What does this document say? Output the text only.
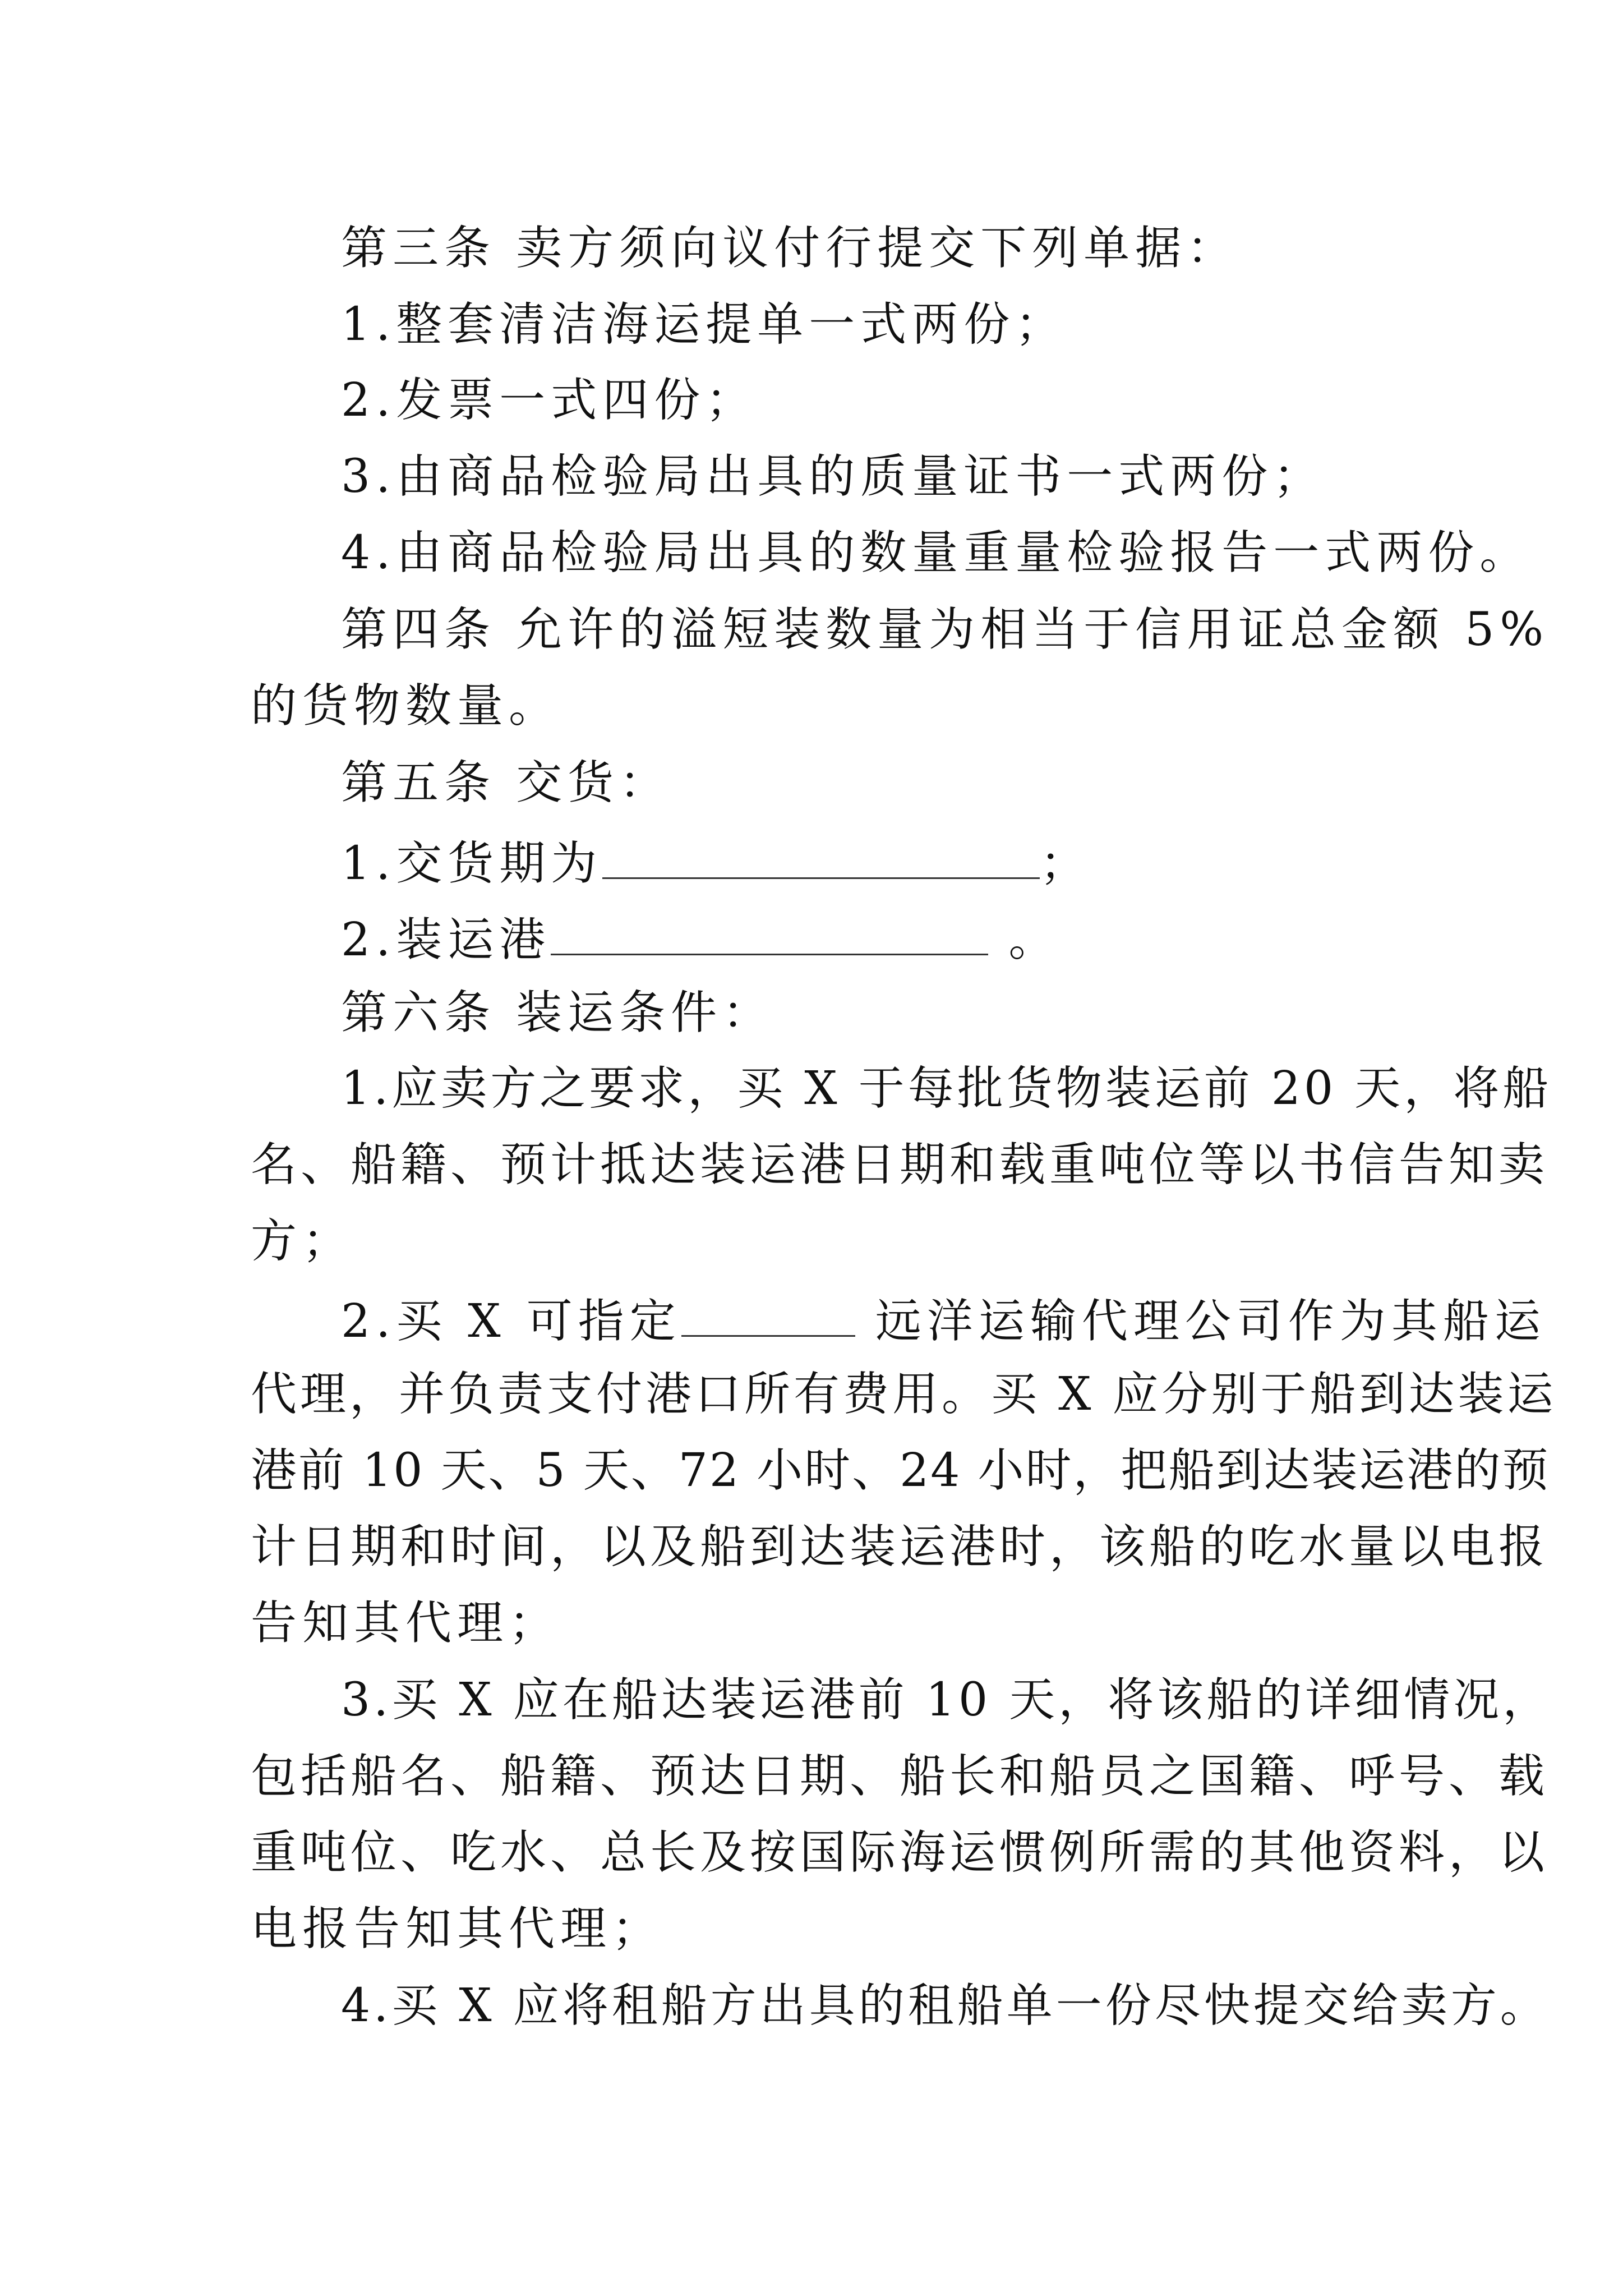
第三条 卖方须向议付行提交下列单据：
1.整套清洁海运提单一式两份；
2.发票一式四份；
3.由商品检验局出具的质量证书一式两份；
4.由商品检验局出具的数量重量检验报告一式两份。
第四条 允许的溢短装数量为相当于信用证总金额 5%
的货物数量。
第五条 交货：
1.交货期为	；
2.装运港	。
第六条 装运条件：
1.应卖方之要求，买 X 于每批货物装运前 20 天，将船
名、船籍、预计抵达装运港日期和载重吨位等以书信告知卖
方；
2.买 X 可指定	远洋运输代理公司作为其船运
代理，并负责支付港口所有费用。买 X 应分别于船到达装运
港前 10 天、5 天、72 小时、24 小时，把船到达装运港的预
计日期和时间，以及船到达装运港时，该船的吃水量以电报
告知其代理；
3.买 X 应在船达装运港前 10 天，将该船的详细情况，
包括船名、船籍、预达日期、船长和船员之国籍、呼号、载
重吨位、吃水、总长及按国际海运惯例所需的其他资料，以
电报告知其代理；
4.买 X 应将租船方出具的租船单一份尽快提交给卖方。
